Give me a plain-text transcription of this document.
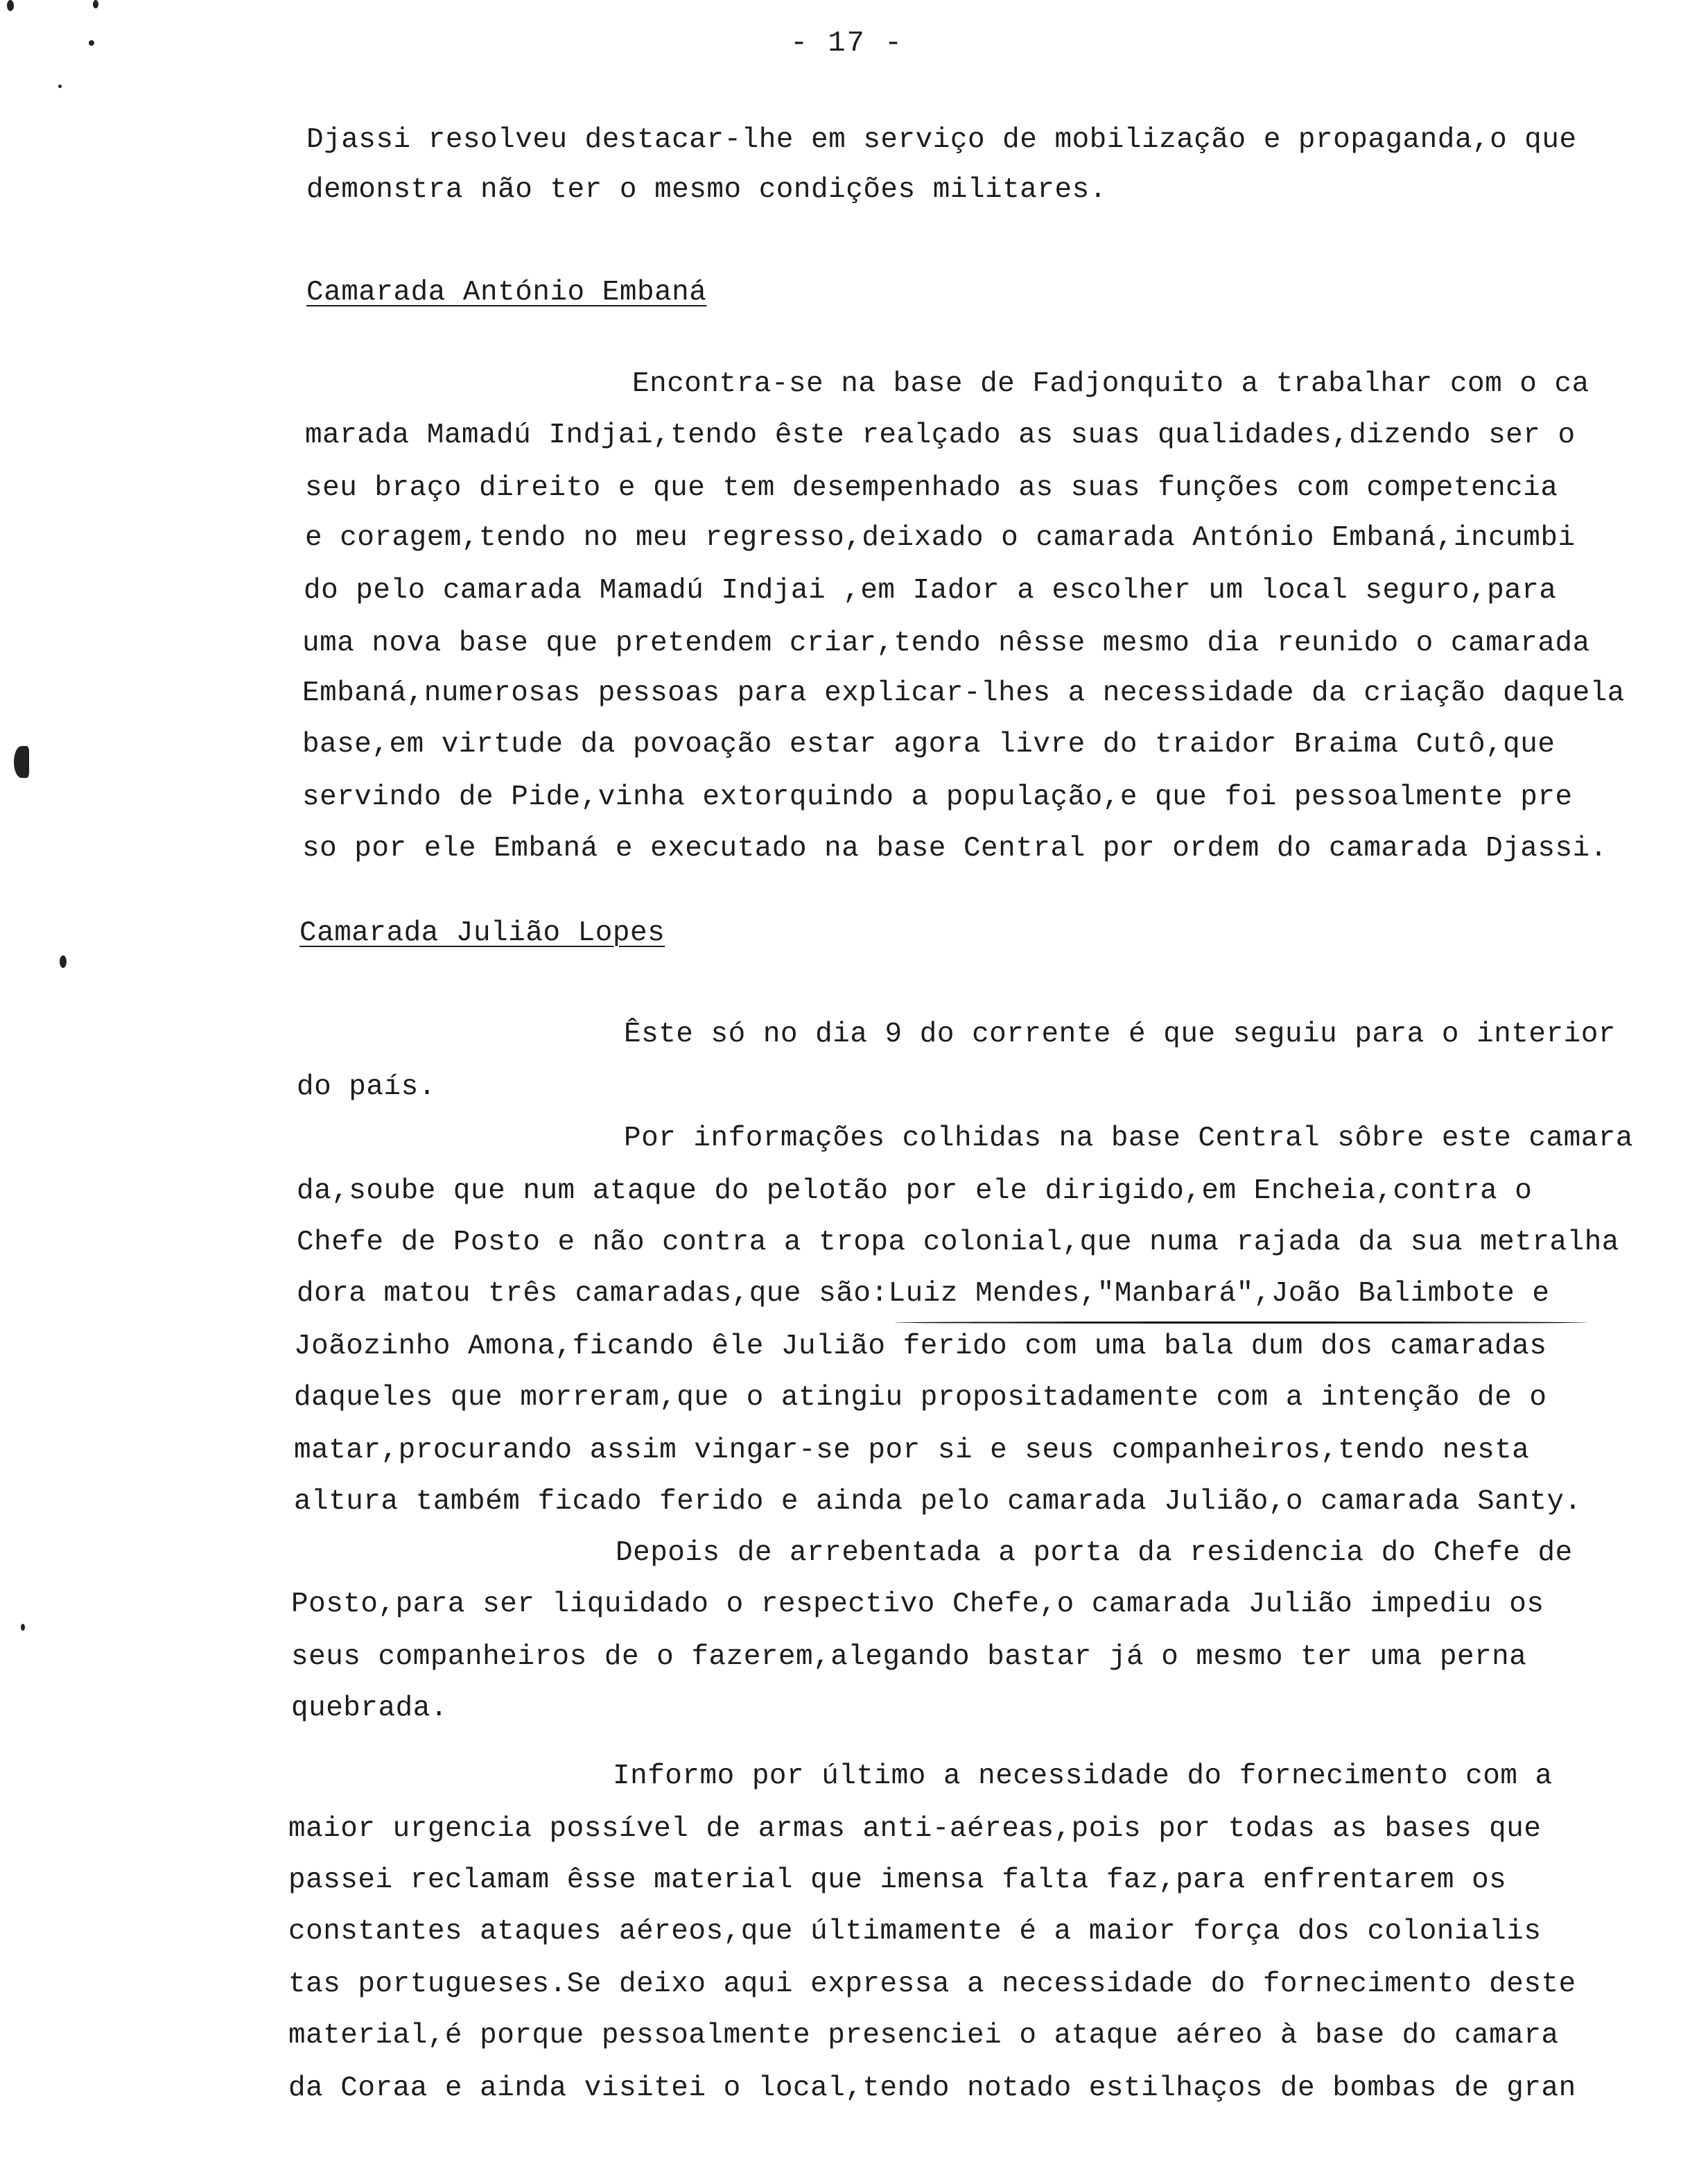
- 17 -
Djassi resolveu destacar-lhe em serviço de mobilização e propaganda,o que
demonstra não ter o mesmo condições militares.
Camarada António Embaná
Encontra-se na base de Fadjonquito a trabalhar com o ca
marada Mamadú Indjai,tendo êste realçado as suas qualidades,dizendo ser o
seu braço direito e que tem desempenhado as suas funções com competencia
e coragem,tendo no meu regresso,deixado o camarada António Embaná,incumbi
do pelo camarada Mamadú Indjai ,em Iador a escolher um local seguro,para
uma nova base que pretendem criar,tendo nêsse mesmo dia reunido o camarada
Embaná,numerosas pessoas para explicar-lhes a necessidade da criação daquela
base,em virtude da povoação estar agora livre do traidor Braima Cutô,que
servindo de Pide,vinha extorquindo a população,e que foi pessoalmente pre
so por ele Embaná e executado na base Central por ordem do camarada Djassi.
Camarada Julião Lopes
Êste só no dia 9 do corrente é que seguiu para o interior
do país.
Por informações colhidas na base Central sôbre este camara
da,soube que num ataque do pelotão por ele dirigido,em Encheia,contra o
Chefe de Posto e não contra a tropa colonial,que numa rajada da sua metralha
dora matou três camaradas,que são:Luiz Mendes,"Manbará",João Balimbote e
Joãozinho Amona,ficando êle Julião ferido com uma bala dum dos camaradas
daqueles que morreram,que o atingiu propositadamente com a intenção de o
matar,procurando assim vingar-se por si e seus companheiros,tendo nesta
altura também ficado ferido e ainda pelo camarada Julião,o camarada Santy.
Depois de arrebentada a porta da residencia do Chefe de
Posto,para ser liquidado o respectivo Chefe,o camarada Julião impediu os
seus companheiros de o fazerem,alegando bastar já o mesmo ter uma perna
quebrada.
Informo por último a necessidade do fornecimento com a
maior urgencia possível de armas anti-aéreas,pois por todas as bases que
passei reclamam êsse material que imensa falta faz,para enfrentarem os
constantes ataques aéreos,que últimamente é a maior força dos colonialis
tas portugueses.Se deixo aqui expressa a necessidade do fornecimento deste
material,é porque pessoalmente presenciei o ataque aéreo à base do camara
da Coraa e ainda visitei o local,tendo notado estilhaços de bombas de gran
